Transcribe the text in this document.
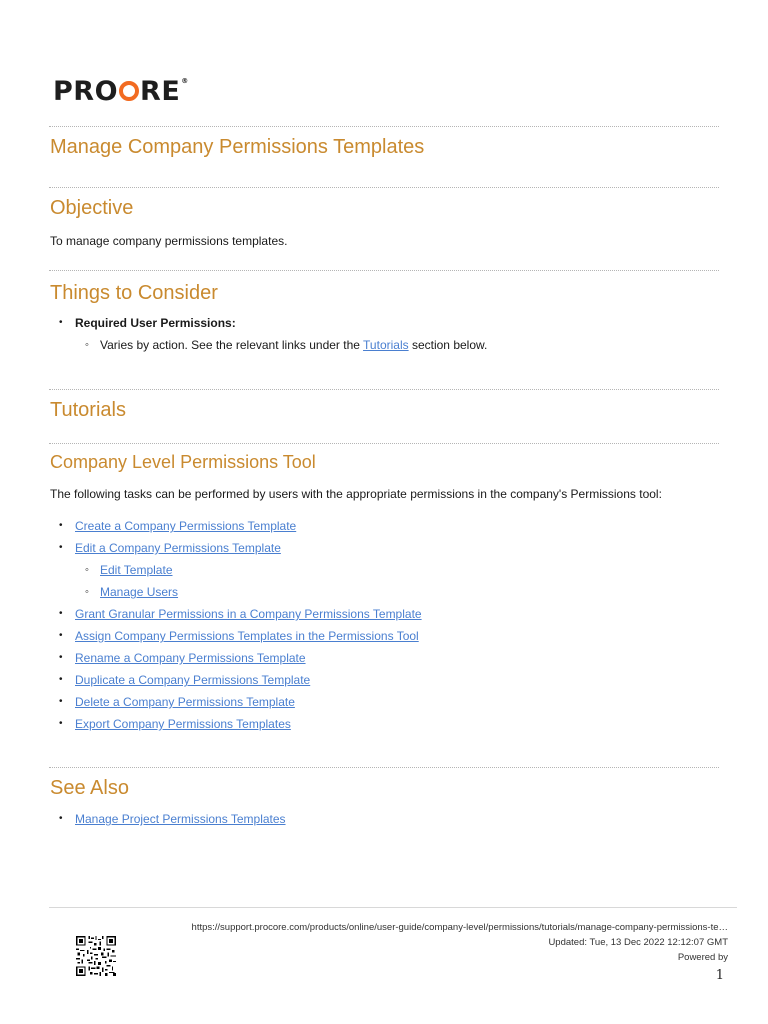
PRO RE®
Manage Company Permissions Templates
Objective

To manage company permissions templates.

Things to Consider
• Required User Permissions:
◦ Varies by action. See the relevant links under the Tutorials section below.
Tutorials
Company Level Permissions Tool

The following tasks can be performed by users with the appropriate permissions in the company's Permissions tool:

• Create a Company Permissions Template
• Edit a Company Permissions Template
◦ Edit Template
◦ Manage Users
• Grant Granular Permissions in a Company Permissions Template
• Assign Company Permissions Templates in the Permissions Tool
• Rename a Company Permissions Template
• Duplicate a Company Permissions Template
• Delete a Company Permissions Template
• Export Company Permissions Templates
See Also
• Manage Project Permissions Templates
https://support.procore.com/products/online/user-guide/company-level/permissions/tutorials/manage-company-permissions-te…
Updated: Tue, 13 Dec 2022 12:12:07 GMT
Powered by
1
